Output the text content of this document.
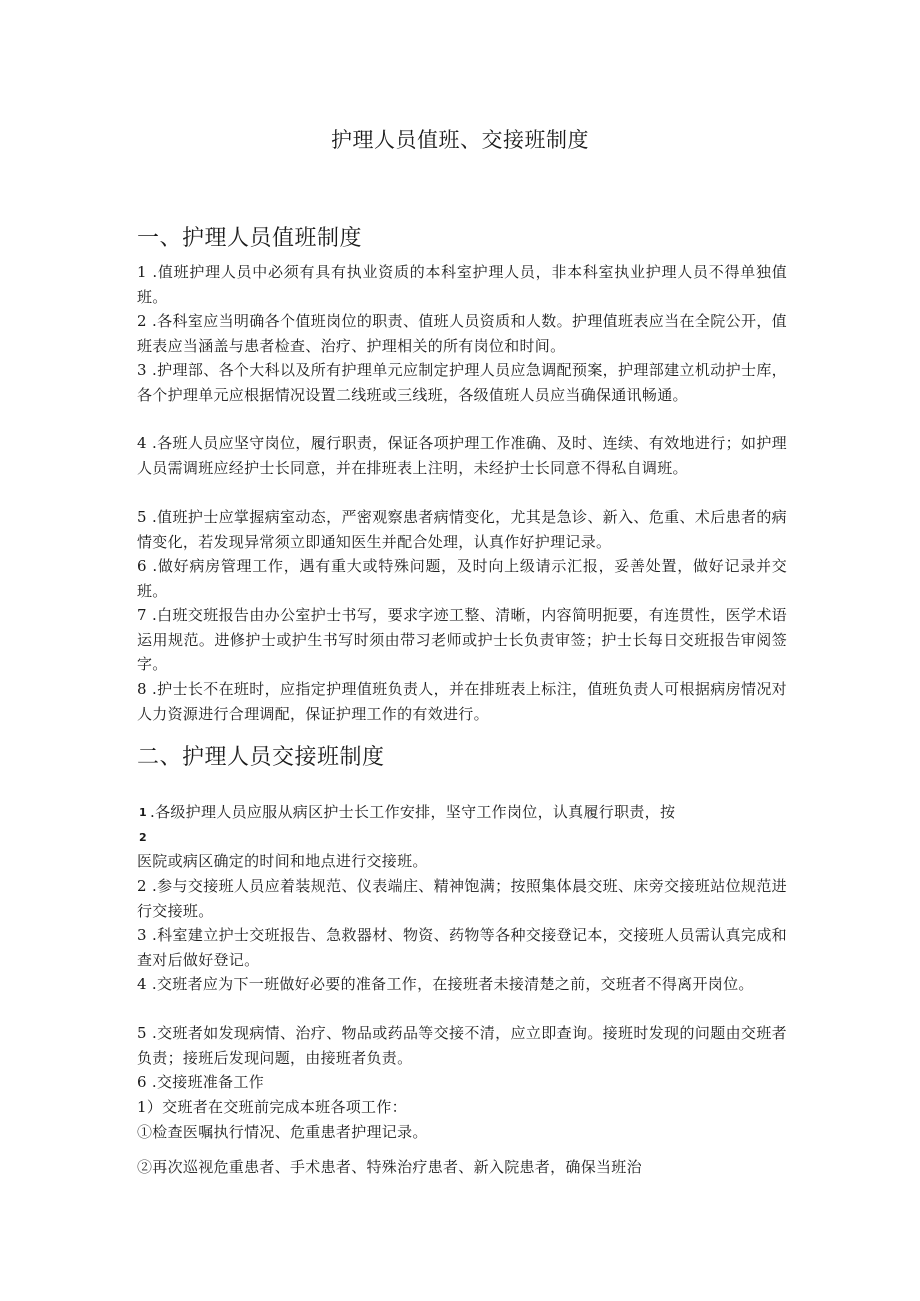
护理人员值班、交接班制度
一、护理人员值班制度

1 .值班护理人员中必须有具有执业资质的本科室护理人员，非本科室执业护理人员不得单独值班。

2 .各科室应当明确各个值班岗位的职责、值班人员资质和人数。护理值班表应当在全院公开，值班表应当涵盖与患者检查、治疗、护理相关的所有岗位和时间。

3 .护理部、各个大科以及所有护理单元应制定护理人员应急调配预案，护理部建立机动护士库，各个护理单元应根据情况设置二线班或三线班，各级值班人员应当确保通讯畅通。

4 .各班人员应坚守岗位，履行职责，保证各项护理工作准确、及时、连续、有效地进行；如护理人员需调班应经护士长同意，并在排班表上注明，未经护士长同意不得私自调班。

5 .值班护士应掌握病室动态，严密观察患者病情变化，尤其是急诊、新入、危重、术后患者的病情变化，若发现异常须立即通知医生并配合处理，认真作好护理记录。

6 .做好病房管理工作，遇有重大或特殊问题，及时向上级请示汇报，妥善处置，做好记录并交班。

7 .白班交班报告由办公室护士书写，要求字迹工整、清晰，内容简明扼要，有连贯性，医学术语运用规范。进修护士或护生书写时须由带习老师或护士长负责审签；护士长每日交班报告审阅签字。

8 .护士长不在班时，应指定护理值班负责人，并在排班表上标注，值班负责人可根据病房情况对人力资源进行合理调配，保证护理工作的有效进行。

二、护理人员交接班制度
1 .各级护理人员应服从病区护士长工作安排，坚守工作岗位，认真履行职责，按

2

医院或病区确定的时间和地点进行交接班。

2 .参与交接班人员应着装规范、仪表端庄、精神饱满；按照集体晨交班、床旁交接班站位规范进行交接班。

3 .科室建立护士交班报告、急救器材、物资、药物等各种交接登记本，交接班人员需认真完成和查对后做好登记。

4 .交班者应为下一班做好必要的准备工作，在接班者未接清楚之前，交班者不得离开岗位。

5 .交班者如发现病情、治疗、物品或药品等交接不清，应立即查询。接班时发现的问题由交班者负责；接班后发现问题，由接班者负责。

6 .交接班准备工作

1）交班者在交班前完成本班各项工作：

①检查医嘱执行情况、危重患者护理记录。

②再次巡视危重患者、手术患者、特殊治疗患者、新入院患者，确保当班治
